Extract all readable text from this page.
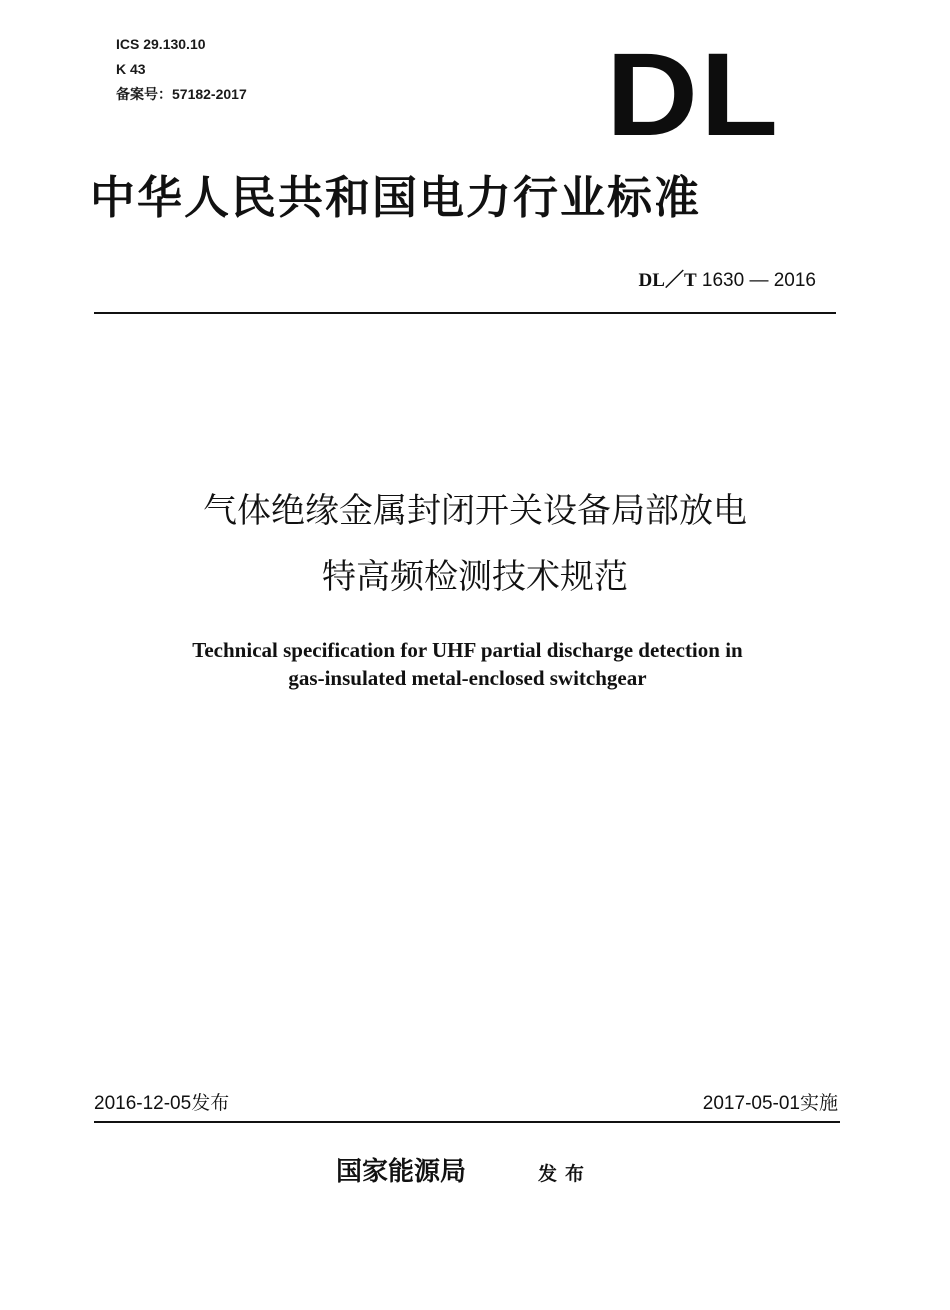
ICS 29.130.10
K 43
备案号：57182-2017	DL
中华人民共和国电力行业标准
DL／T 1630 — 2016
气体绝缘金属封闭开关设备局部放电
特高频检测技术规范
Technical specification for UHF partial discharge detection in
gas-insulated metal-enclosed switchgear
2016-12-05发布	2017-05-01实施
国家能源局	发布
